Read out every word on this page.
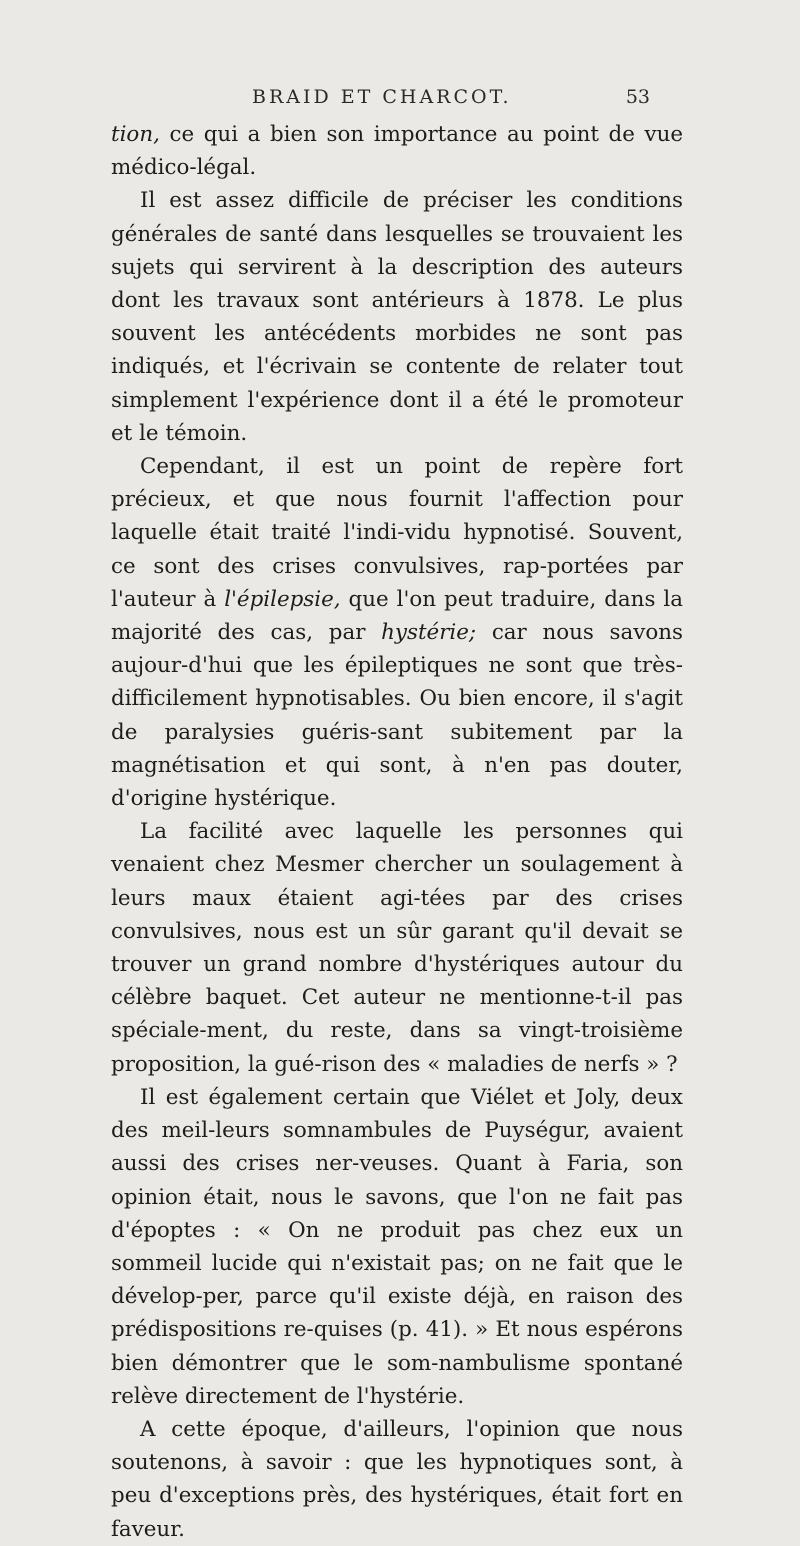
BRAID ET CHARCOT.	53

tion, ce qui a bien son importance au point de vue médico-légal.

Il est assez difficile de préciser les conditions générales de santé dans lesquelles se trouvaient les sujets qui servirent à la description des auteurs dont les travaux sont antérieurs à 1878. Le plus souvent les antécédents morbides ne sont pas indiqués, et l'écrivain se contente de relater tout simplement l'expérience dont il a été le promoteur et le témoin.

Cependant, il est un point de repère fort précieux, et que nous fournit l'affection pour laquelle était traité l'indi-vidu hypnotisé. Souvent, ce sont des crises convulsives, rap-portées par l'auteur à l'épilepsie, que l'on peut traduire, dans la majorité des cas, par hystérie; car nous savons aujour-d'hui que les épileptiques ne sont que très-difficilement hypnotisables. Ou bien encore, il s'agit de paralysies guéris-sant subitement par la magnétisation et qui sont, à n'en pas douter, d'origine hystérique.

La facilité avec laquelle les personnes qui venaient chez Mesmer chercher un soulagement à leurs maux étaient agi-tées par des crises convulsives, nous est un sûr garant qu'il devait se trouver un grand nombre d'hystériques autour du célèbre baquet. Cet auteur ne mentionne-t-il pas spéciale-ment, du reste, dans sa vingt-troisième proposition, la gué-rison des « maladies de nerfs » ?

Il est également certain que Viélet et Joly, deux des meil-leurs somnambules de Puységur, avaient aussi des crises ner-veuses. Quant à Faria, son opinion était, nous le savons, que l'on ne fait pas d'époptes : « On ne produit pas chez eux un sommeil lucide qui n'existait pas; on ne fait que le dévelop-per, parce qu'il existe déjà, en raison des prédispositions re-quises (p. 41). » Et nous espérons bien démontrer que le som-nambulisme spontané relève directement de l'hystérie.

A cette époque, d'ailleurs, l'opinion que nous soutenons, à savoir : que les hypnotiques sont, à peu d'exceptions près, des hystériques, était fort en faveur.
